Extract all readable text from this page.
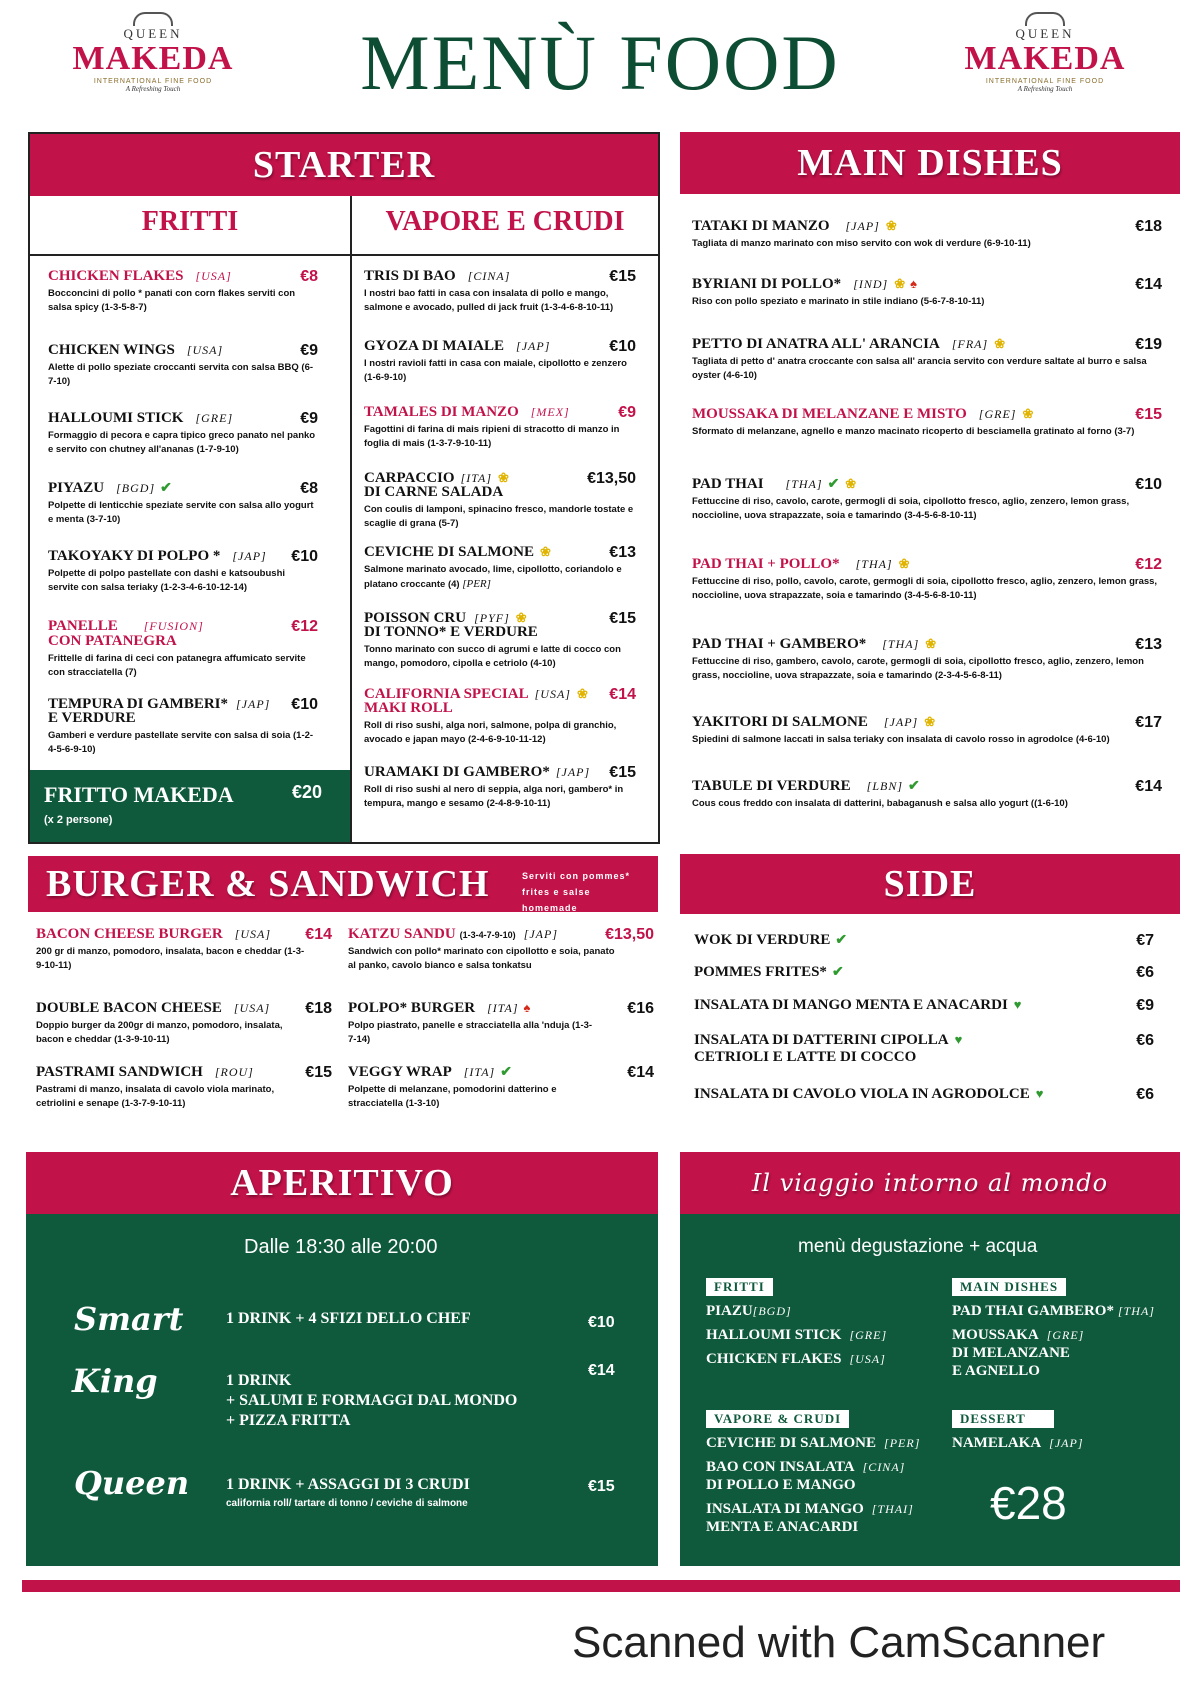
QUEEN
MAKEDA
INTERNATIONAL FINE FOOD
A Refreshing Touch	MENÙ FOOD	QUEEN
MAKEDA
INTERNATIONAL FINE FOOD
A Refreshing Touch
STARTER
FRITTI	VAPORE E CRUDI
CHICKEN FLAKES [USA]	€8
Bocconcini di pollo * panati con corn flakes serviti con salsa spicy (1-3-5-8-7)
CHICKEN WINGS [USA]	€9
Alette di pollo speziate croccanti servita con salsa BBQ (6-7-10)
HALLOUMI STICK [GRE]	€9
Formaggio di pecora e capra tipico greco panato nel panko e servito con chutney all'ananas (1-7-9-10)
PIYAZU [BGD] ✔	€8
Polpette di lenticchie speziate servite con salsa allo yogurt e menta (3-7-10)
TAKOYAKY DI POLPO * [JAP] €10
Polpette di polpo pastellate con dashi e katsoubushi servite con salsa teriaky (1-2-3-4-6-10-12-14)
PANELLE [FUSION]	€12
CON PATANEGRA
Frittelle di farina di ceci con patanegra affumicato servite con stracciatella (7)
TEMPURA DI GAMBERI* [JAP] €10
E VERDURE
Gamberi e verdure pastellate servite con salsa di soia (1-2-4-5-6-9-10)
FRITTO MAKEDA
(x 2 persone)
€20
TRIS DI BAO [CINA]	€15
I nostri bao fatti in casa con insalata di pollo e mango, salmone e avocado, pulled di jack fruit (1-3-4-6-8-10-11)
GYOZA DI MAIALE [JAP]	€10
I nostri ravioli fatti in casa con maiale, cipollotto e zenzero (1-6-9-10)
TAMALES DI MANZO [MEX]	€9
Fagottini di farina di mais ripieni di stracotto di manzo in foglia di mais (1-3-7-9-10-11)
CARPACCIO [ITA] ❀	€13,50
DI CARNE SALADA
Con coulis di lamponi, spinacino fresco, mandorle tostate e scaglie di grana (5-7)
CEVICHE DI SALMONE ❀	€13
Salmone marinato avocado, lime, cipollotto, coriandolo e platano croccante (4) [PER]
POISSON CRU [PYF] ❀	€15
DI TONNO* E VERDURE
Tonno marinato con succo di agrumi e latte di cocco con mango, pomodoro, cipolla e cetriolo (4-10)
CALIFORNIA SPECIAL [USA] ❀ €14
MAKI ROLL
Roll di riso sushi, alga nori, salmone, polpa di granchio, avocado e japan mayo (2-4-6-9-10-11-12)
URAMAKI DI GAMBERO* [JAP] €15
Roll di riso sushi al nero di seppia, alga nori, gambero* in tempura, mango e sesamo (2-4-8-9-10-11)
MAIN DISHES
TATAKI DI MANZO [JAP] ❀	€18
Tagliata di manzo marinato con miso servito con wok di verdure (6-9-10-11)
BYRIANI DI POLLO* [IND] ❀ ♠	€14
Riso con pollo speziato e marinato in stile indiano (5-6-7-8-10-11)
PETTO DI ANATRA ALL' ARANCIA [FRA] ❀	€19
Tagliata di petto d' anatra croccante con salsa all' arancia servito con verdure saltate al burro e salsa oyster (4-6-10)
MOUSSAKA DI MELANZANE E MISTO [GRE] ❀	€15
Sformato di melanzane, agnello e manzo macinato ricoperto di besciamella gratinato al forno (3-7)
PAD THAI [THA] ✔ ❀	€10
Fettuccine di riso, cavolo, carote, germogli di soia, cipollotto fresco, aglio, zenzero, lemon grass, noccioline, uova strapazzate, soia e tamarindo (3-4-5-6-8-10-11)
PAD THAI + POLLO* [THA] ❀	€12
Fettuccine di riso, pollo, cavolo, carote, germogli di soia, cipollotto fresco, aglio, zenzero, lemon grass, noccioline, uova strapazzate, soia e tamarindo (3-4-5-6-8-10-11)
PAD THAI + GAMBERO* [THA] ❀	€13
Fettuccine di riso, gambero, cavolo, carote, germogli di soia, cipollotto fresco, aglio, zenzero, lemon grass, noccioline, uova strapazzate, soia e tamarindo (2-3-4-5-6-8-11)
YAKITORI DI SALMONE [JAP] ❀	€17
Spiedini di salmone laccati in salsa teriaky con insalata di cavolo rosso in agrodolce (4-6-10)
TABULE DI VERDURE [LBN] ✔	€14
Cous cous freddo con insalata di datterini, babaganush e salsa allo yogurt ((1-6-10)
BURGER & SANDWICH	Serviti con pommes* frites e salse homemade
BACON CHEESE BURGER [USA] €14
200 gr di manzo, pomodoro, insalata, bacon e cheddar (1-3-9-10-11)
DOUBLE BACON CHEESE [USA] €18
Doppio burger da 200gr di manzo, pomodoro, insalata, bacon e cheddar (1-3-9-10-11)
PASTRAMI SANDWICH [ROU]	€15
Pastrami di manzo, insalata di cavolo viola marinato, cetriolini e senape (1-3-7-9-10-11)
KATZU SANDU (1-3-4-7-9-10) [JAP]	€13,50
Sandwich con pollo* marinato con cipollotto e soia, panato al panko, cavolo bianco e salsa tonkatsu
POLPO* BURGER [ITA] ♠	€16
Polpo piastrato, panelle e stracciatella alla 'nduja (1-3-7-14)
VEGGY WRAP [ITA] ✔	€14
Polpette di melanzane, pomodorini datterino e stracciatella (1-3-10)
SIDE
WOK DI VERDURE ✔	€7
POMMES FRITES* ✔	€6
INSALATA DI MANGO MENTA E ANACARDI ♥	€9
INSALATA DI DATTERINI CIPOLLA ♥	€6
CETRIOLI E LATTE DI COCCO
INSALATA DI CAVOLO VIOLA IN AGRODOLCE ♥	€6
APERITIVO
Dalle 18:30 alle 20:00
Smart	1 DRINK + 4 SFIZI DELLO CHEF	€10
King	1 DRINK
+ SALUMI E FORMAGGI DAL MONDO
+ PIZZA FRITTA
€14
Queen 1 DRINK + ASSAGGI DI 3 CRUDI
california roll/ tartare di tonno / ceviche di salmone
€15
Il viaggio intorno al mondo
menù degustazione + acqua
FRITTI
PIAZU[BGD]
HALLOUMI STICK [GRE]
CHICKEN FLAKES [USA]
VAPORE & CRUDI
CEVICHE DI SALMONE [PER]
BAO CON INSALATA [CINA]
DI POLLO E MANGO
INSALATA DI MANGO [THAI]
MENTA E ANACARDI
MAIN DISHES
PAD THAI GAMBERO* [THA]
MOUSSAKA [GRE]
DI MELANZANE
E AGNELLO
DESSERT
NAMELAKA [JAP]
€28
Scanned with CamScanner
